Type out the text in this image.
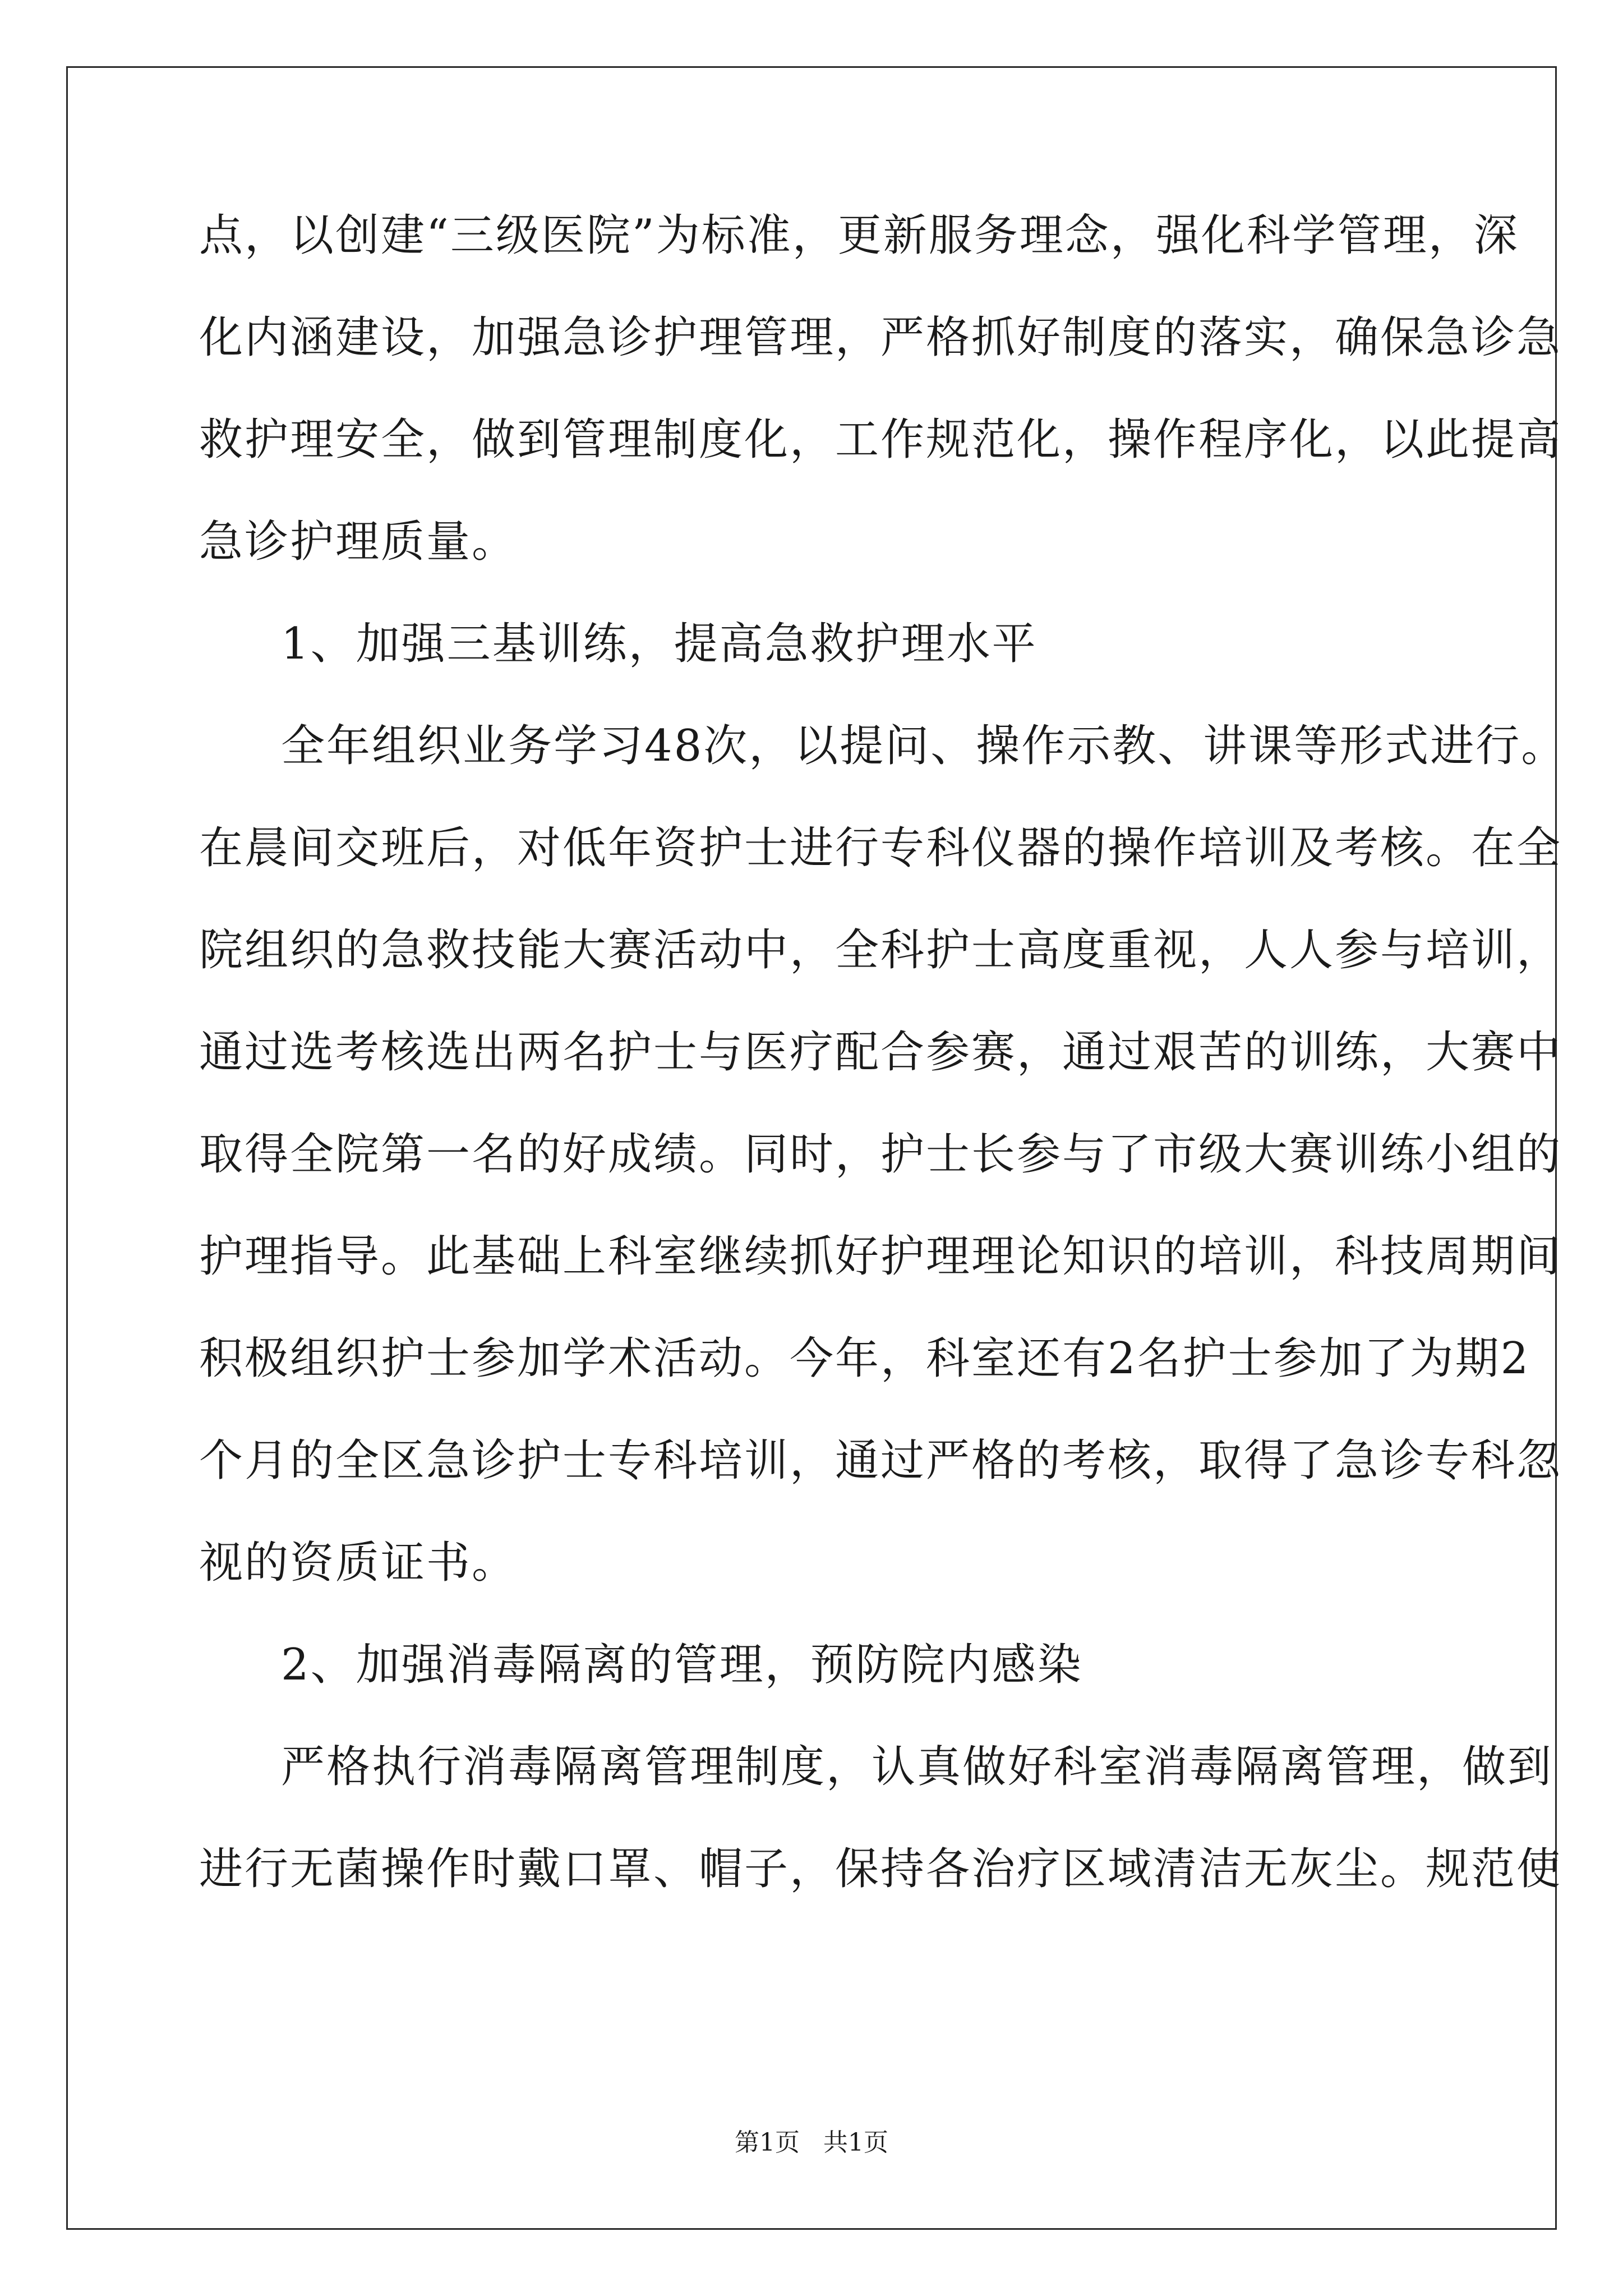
点，以创建“三级医院”为标准，更新服务理念，强化科学管理，深
化内涵建设，加强急诊护理管理，严格抓好制度的落实，确保急诊急
救护理安全，做到管理制度化，工作规范化，操作程序化，以此提高
急诊护理质量。
1、加强三基训练，提高急救护理水平
全年组织业务学习48次，以提问、操作示教、讲课等形式进行。
在晨间交班后，对低年资护士进行专科仪器的操作培训及考核。在全
院组织的急救技能大赛活动中，全科护士高度重视，人人参与培训，
通过选考核选出两名护士与医疗配合参赛，通过艰苦的训练，大赛中
取得全院第一名的好成绩。同时，护士长参与了市级大赛训练小组的
护理指导。此基础上科室继续抓好护理理论知识的培训，科技周期间
积极组织护士参加学术活动。今年，科室还有2名护士参加了为期2
个月的全区急诊护士专科培训，通过严格的考核，取得了急诊专科忽
视的资质证书。
2、加强消毒隔离的管理，预防院内感染
严格执行消毒隔离管理制度，认真做好科室消毒隔离管理，做到
进行无菌操作时戴口罩、帽子，保持各治疗区域清洁无灰尘。规范使
第1页   共1页
